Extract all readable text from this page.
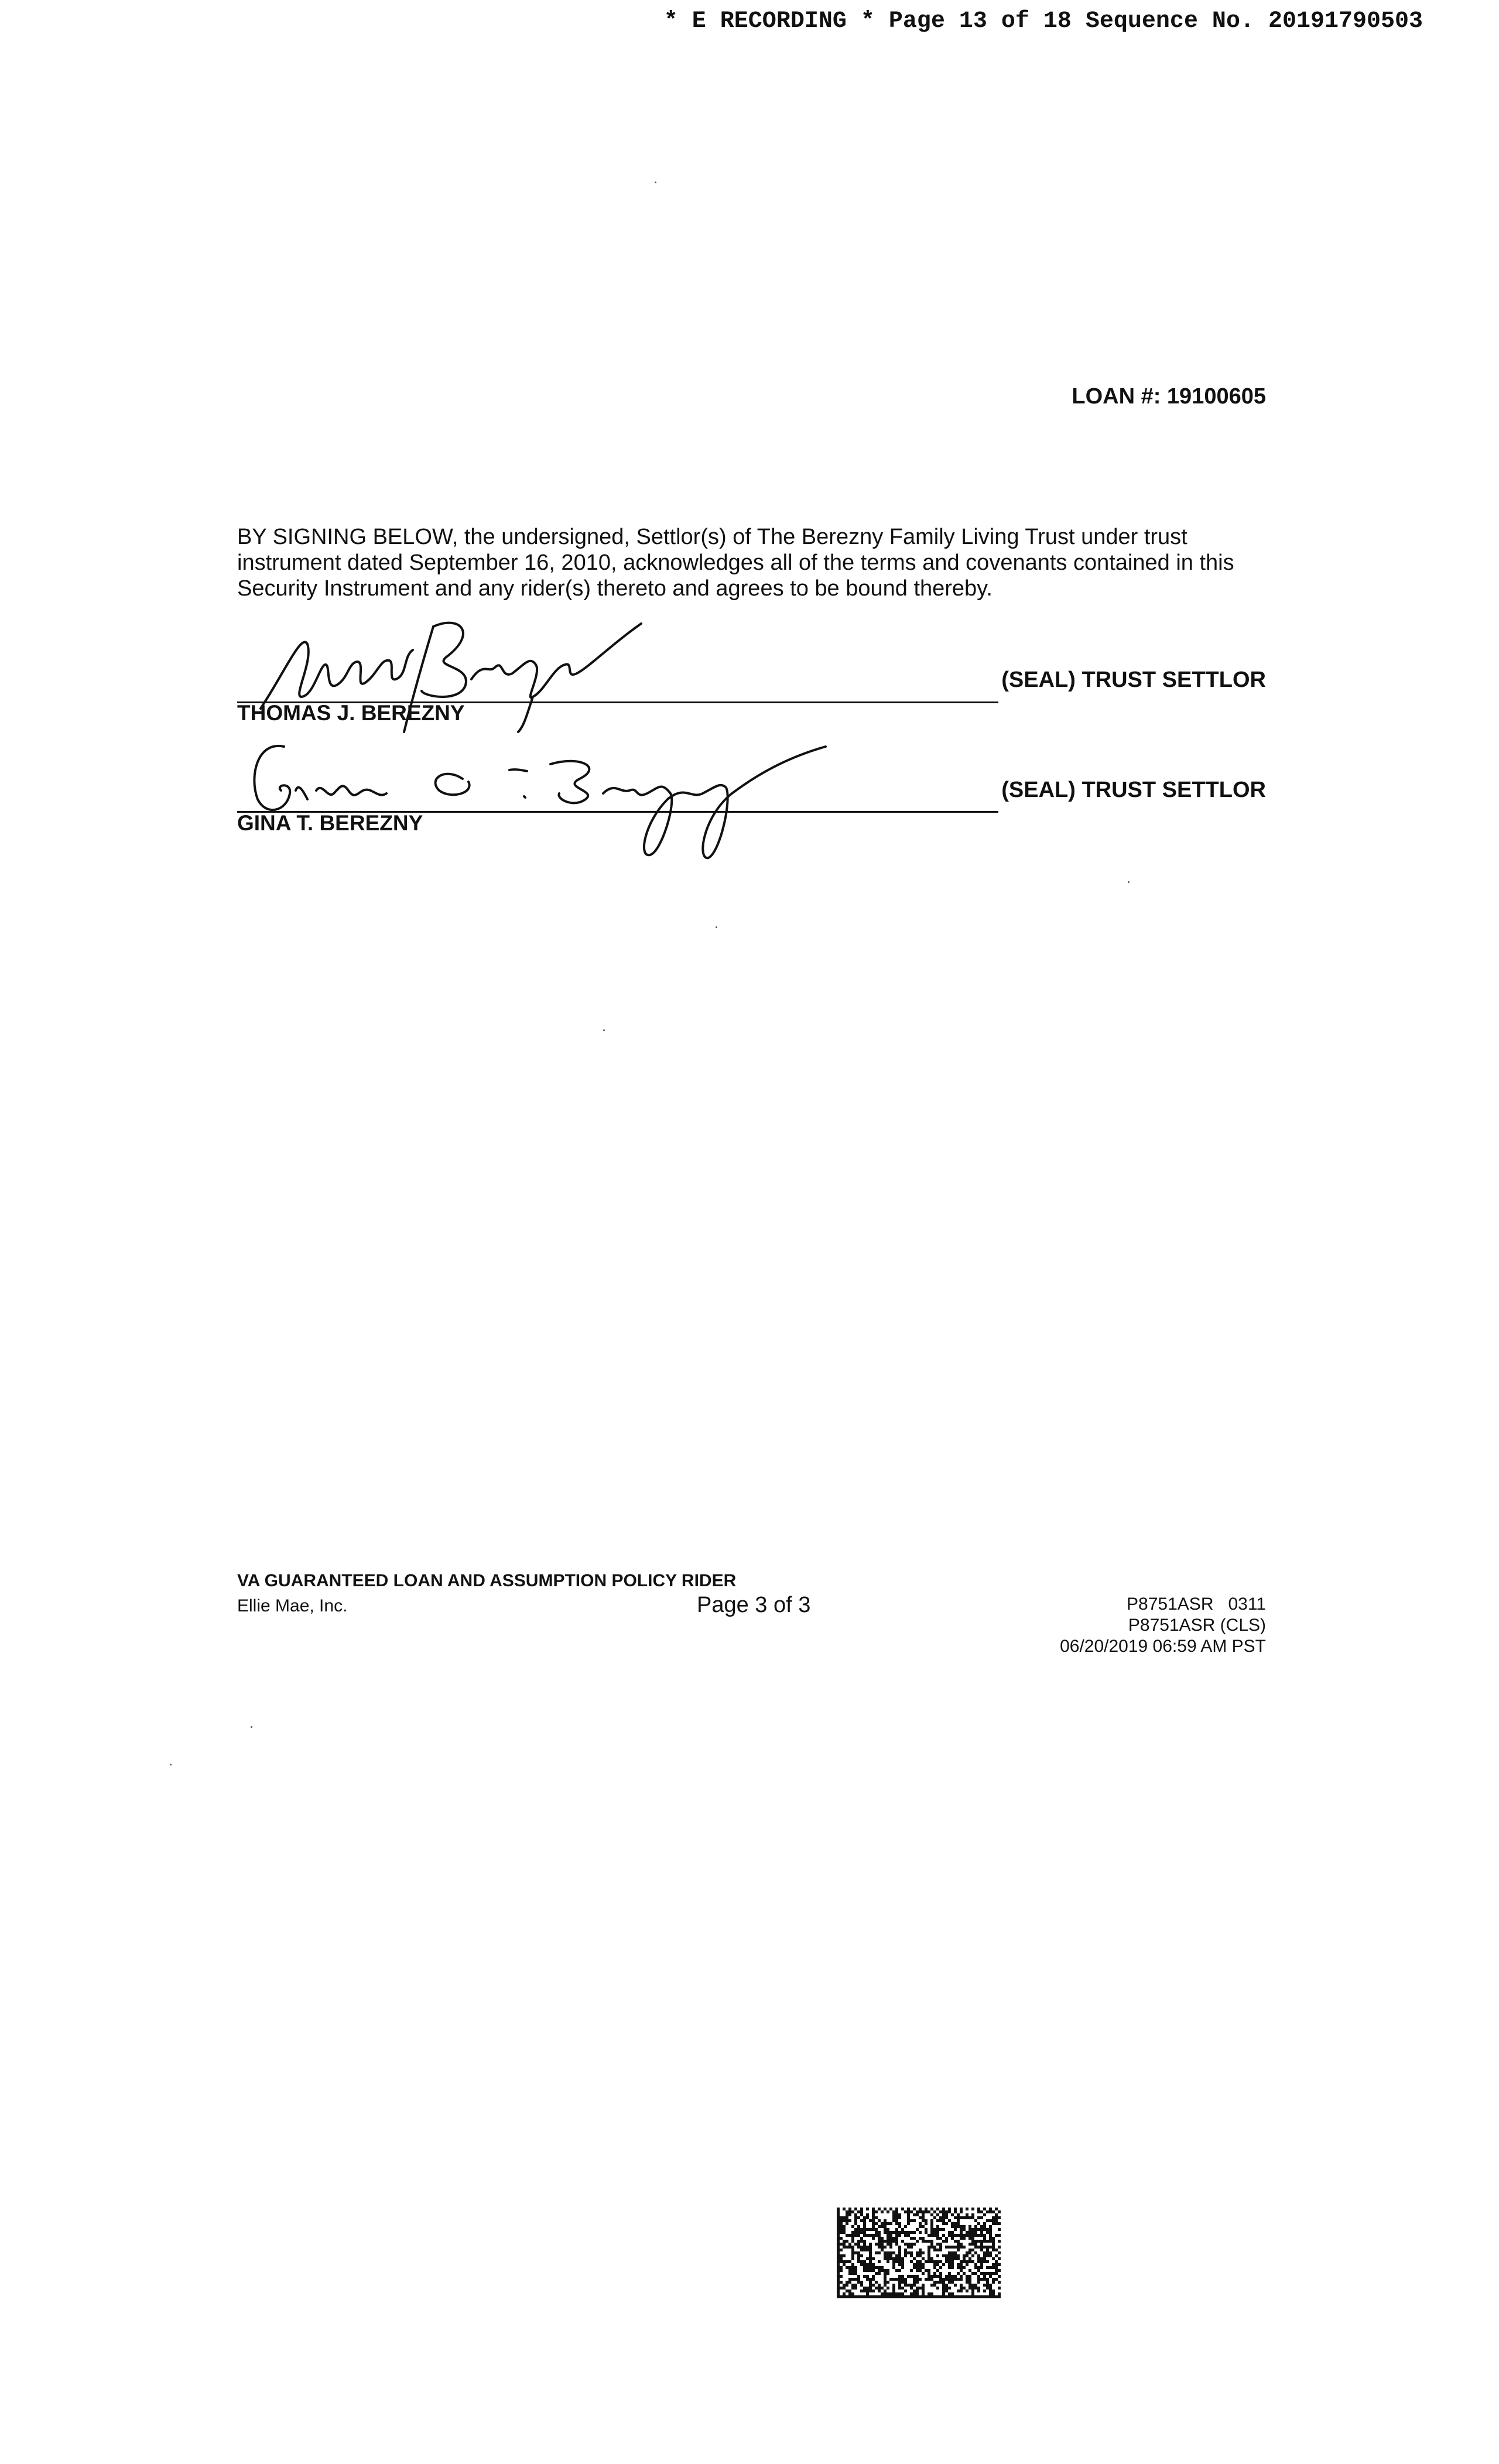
* E RECORDING * Page 13 of 18 Sequence No. 20191790503
LOAN #: 19100605
BY SIGNING BELOW, the undersigned, Settlor(s) of The Berezny Family Living Trust under trust instrument dated September 16, 2010, acknowledges all of the terms and covenants contained in this Security Instrument and any rider(s) thereto and agrees to be bound thereby.
THOMAS J. BEREZNY
(SEAL) TRUST SETTLOR
GINA T. BEREZNY
(SEAL) TRUST SETTLOR
VA GUARANTEED LOAN AND ASSUMPTION POLICY RIDER
Ellie Mae, Inc.	Page 3 of 3	P8751ASR   0311
P8751ASR (CLS)
06/20/2019 06:59 AM PST
